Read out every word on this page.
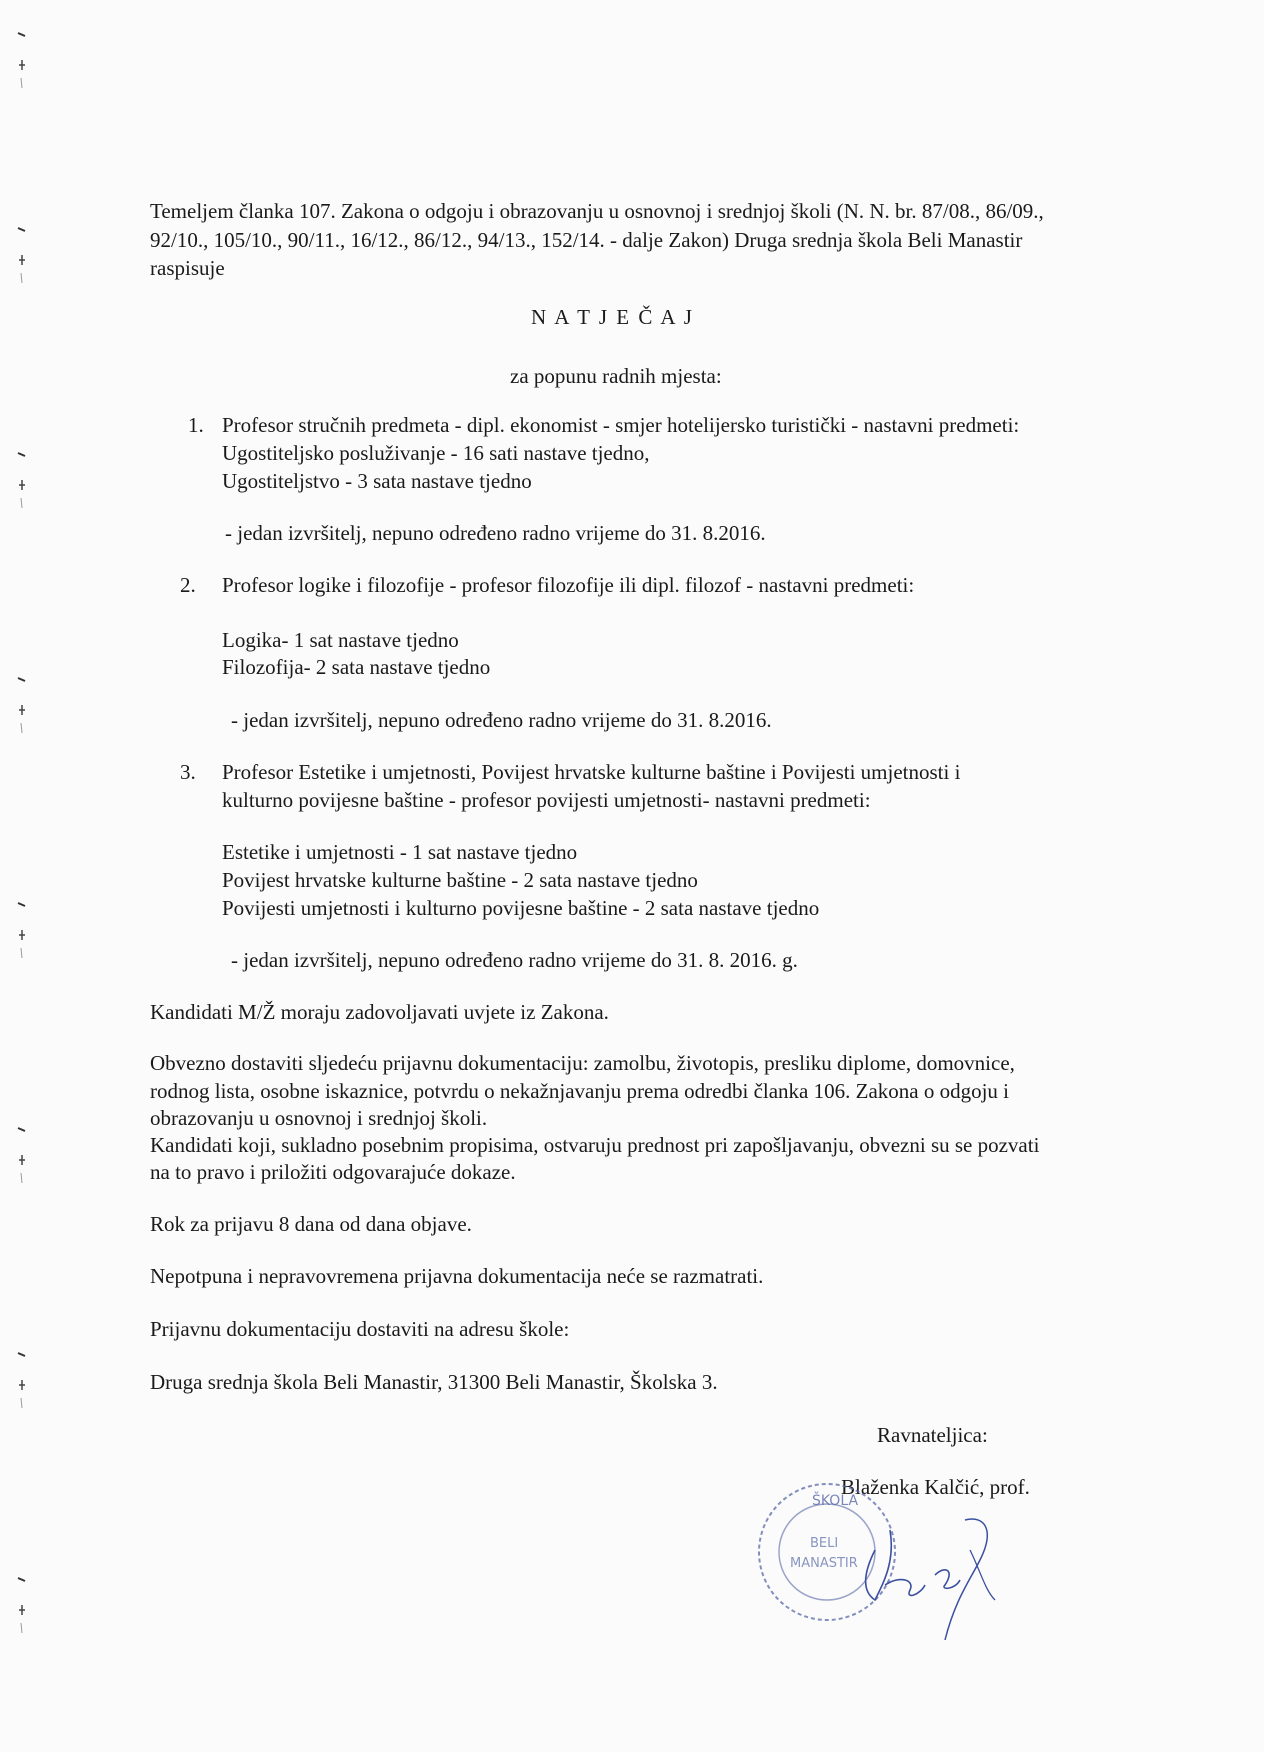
Temeljem članka 107. Zakona o odgoju i obrazovanju u osnovnoj i srednjoj školi (N. N. br. 87/08., 86/09.,
92/10., 105/10., 90/11., 16/12., 86/12., 94/13., 152/14. - dalje Zakon) Druga srednja škola Beli Manastir
raspisuje
N A T J E Č A J
za popunu radnih mjesta:
1. Profesor stručnih predmeta - dipl. ekonomist - smjer hotelijersko turistički - nastavni predmeti:
Ugostiteljsko posluživanje - 16 sati nastave tjedno,
Ugostiteljstvo - 3 sata nastave tjedno
- jedan izvršitelj, nepuno određeno radno vrijeme do 31. 8.2016.
2. Profesor logike i filozofije - profesor filozofije ili dipl. filozof - nastavni predmeti:
Logika- 1 sat nastave tjedno
Filozofija- 2 sata nastave tjedno
- jedan izvršitelj, nepuno određeno radno vrijeme do 31. 8.2016.
3. Profesor Estetike i umjetnosti, Povijest hrvatske kulturne baštine i Povijesti umjetnosti i
kulturno povijesne baštine - profesor povijesti umjetnosti- nastavni predmeti:
Estetike i umjetnosti - 1 sat nastave tjedno
Povijest hrvatske kulturne baštine - 2 sata nastave tjedno
Povijesti umjetnosti i kulturno povijesne baštine - 2 sata nastave tjedno
- jedan izvršitelj, nepuno određeno radno vrijeme do 31. 8. 2016. g.
Kandidati M/Ž moraju zadovoljavati uvjete iz Zakona.
Obvezno dostaviti sljedeću prijavnu dokumentaciju: zamolbu, životopis, presliku diplome, domovnice,
rodnog lista, osobne iskaznice, potvrdu o nekažnjavanju prema odredbi članka 106. Zakona o odgoju i
obrazovanju u osnovnoj i srednjoj školi.
Kandidati koji, sukladno posebnim propisima, ostvaruju prednost pri zapošljavanju, obvezni su se pozvati
na to pravo i priložiti odgovarajuće dokaze.
Rok za prijavu 8 dana od dana objave.
Nepotpuna i nepravovremena prijavna dokumentacija neće se razmatrati.
Prijavnu dokumentaciju dostaviti na adresu škole:
Druga srednja škola Beli Manastir, 31300 Beli Manastir, Školska 3.
Ravnateljica:
Blaženka Kalčić, prof.
ŠKOLA
BELI
MANASTIR
